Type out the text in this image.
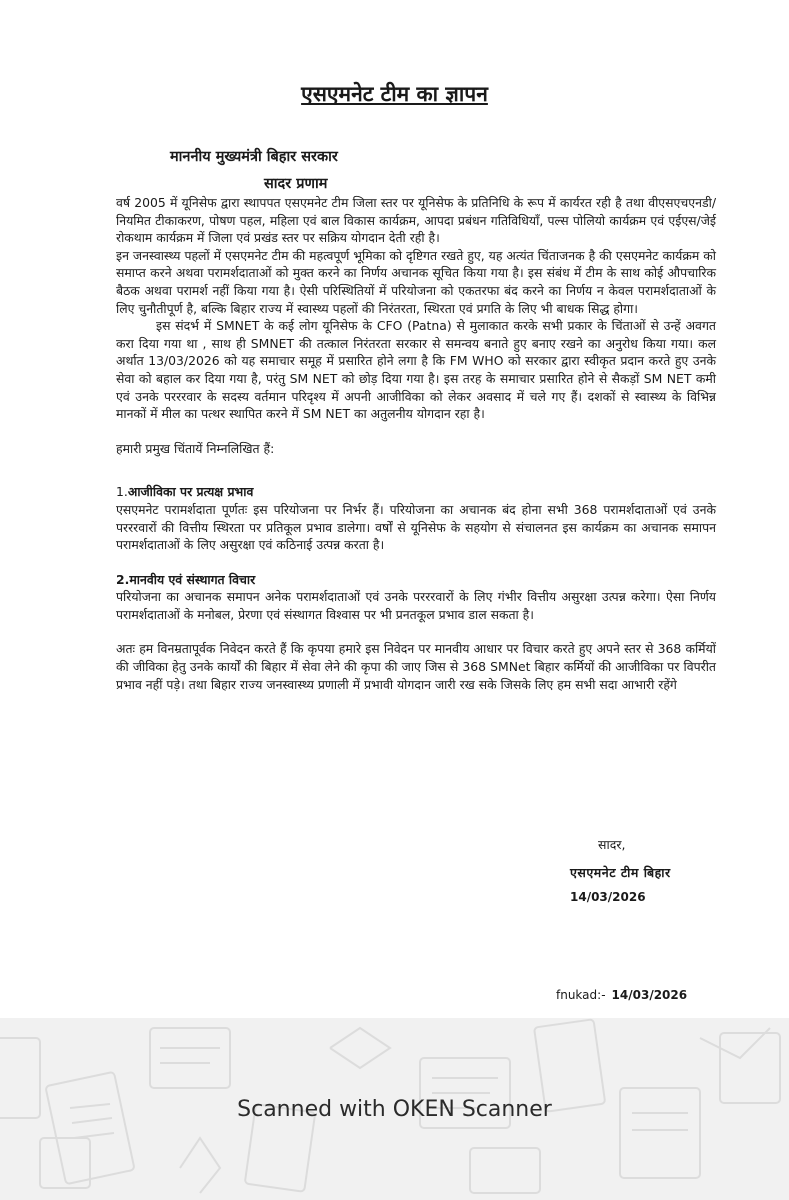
एसएमनेट टीम का ज्ञापन
माननीय मुख्यमंत्री बिहार सरकार
सादर प्रणाम

वर्ष 2005 में यूनिसेफ द्वारा स्थापपत एसएमनेट टीम जिला स्तर पर यूनिसेफ के प्रतिनिधि के रूप में कार्यरत रही है तथा वीएसएचएनडी/नियमित टीकाकरण, पोषण पहल, महिला एवं बाल विकास कार्यक्रम, आपदा प्रबंधन गतिविधियाँ, पल्स पोलियो कार्यक्रम एवं एईएस/जेई रोकथाम कार्यक्रम में जिला एवं प्रखंड स्तर पर सक्रिय योगदान देती रही है।

इन जनस्वास्थ्य पहलों में एसएमनेट टीम की महत्वपूर्ण भूमिका को दृष्टिगत रखते हुए, यह अत्यंत चिंताजनक है की एसएमनेट कार्यक्रम को समाप्त करने अथवा परामर्शदाताओं को मुक्त करने का निर्णय अचानक सूचित किया गया है। इस संबंध में टीम के साथ कोई औपचारिक बैठक अथवा परामर्श नहीं किया गया है। ऐसी परिस्थितियों में परियोजना को एकतरफा बंद करने का निर्णय न केवल परामर्शदाताओं के लिए चुनौतीपूर्ण है, बल्कि बिहार राज्य में स्वास्थ्य पहलों की निरंतरता, स्थिरता एवं प्रगति के लिए भी बाधक सिद्ध होगा।

इस संदर्भ में SMNET के कई लोग यूनिसेफ के CFO (Patna) से मुलाकात करके सभी प्रकार के चिंताओं से उन्हें अवगत करा दिया गया था , साथ ही SMNET की तत्काल निरंतरता सरकार से समन्वय बनाते हुए बनाए रखने का अनुरोध किया गया। कल अर्थात 13/03/2026 को यह समाचार समूह में प्रसारित होने लगा है कि FM WHO को सरकार द्वारा स्वीकृत प्रदान करते हुए उनके सेवा को बहाल कर दिया गया है, परंतु SM NET को छोड़ दिया गया है। इस तरह के समाचार प्रसारित होने से सैकड़ों SM NET कमी एवं उनके परररवार के सदस्य वर्तमान परिदृश्य में अपनी आजीविका को लेकर अवसाद में चले गए हैं। दशकों से स्वास्थ्य के विभिन्न मानकों में मील का पत्थर स्थापित करने में SM NET का अतुलनीय योगदान रहा है।

हमारी प्रमुख चिंतायें निम्नलिखित हैं:

1.आजीविका पर प्रत्यक्ष प्रभाव

एसएमनेट परामर्शदाता पूर्णतः इस परियोजना पर निर्भर हैं। परियोजना का अचानक बंद होना सभी 368 परामर्शदाताओं एवं उनके परररवारों की वित्तीय स्थिरता पर प्रतिकूल प्रभाव डालेगा। वर्षों से यूनिसेफ के सहयोग से संचालनत इस कार्यक्रम का अचानक समापन परामर्शदाताओं के लिए असुरक्षा एवं कठिनाई उत्पन्न करता है।

2.मानवीय एवं संस्थागत विचार

परियोजना का अचानक समापन अनेक परामर्शदाताओं एवं उनके परररवारों के लिए गंभीर वित्तीय असुरक्षा उत्पन्न करेगा। ऐसा निर्णय परामर्शदाताओं के मनोबल, प्रेरणा एवं संस्थागत विश्वास पर भी प्रनतकूल प्रभाव डाल सकता है।

अतः हम विनम्रतापूर्वक निवेदन करते हैं कि कृपया हमारे इस निवेदन पर मानवीय आधार पर विचार करते हुए अपने स्तर से 368 कर्मियों की जीविका हेतु उनके कार्यों की बिहार में सेवा लेने की कृपा की जाए जिस से 368 SMNet बिहार कर्मियों की आजीविका पर विपरीत प्रभाव नहीं पड़े। तथा बिहार राज्य जनस्वास्थ्य प्रणाली में प्रभावी योगदान जारी रख सके जिसके लिए हम सभी सदा आभारी रहेंगे

सादर,
एसएमनेट टीम बिहार
14/03/2026
fnukad:- 14/03/2026
Scanned with OKEN Scanner
